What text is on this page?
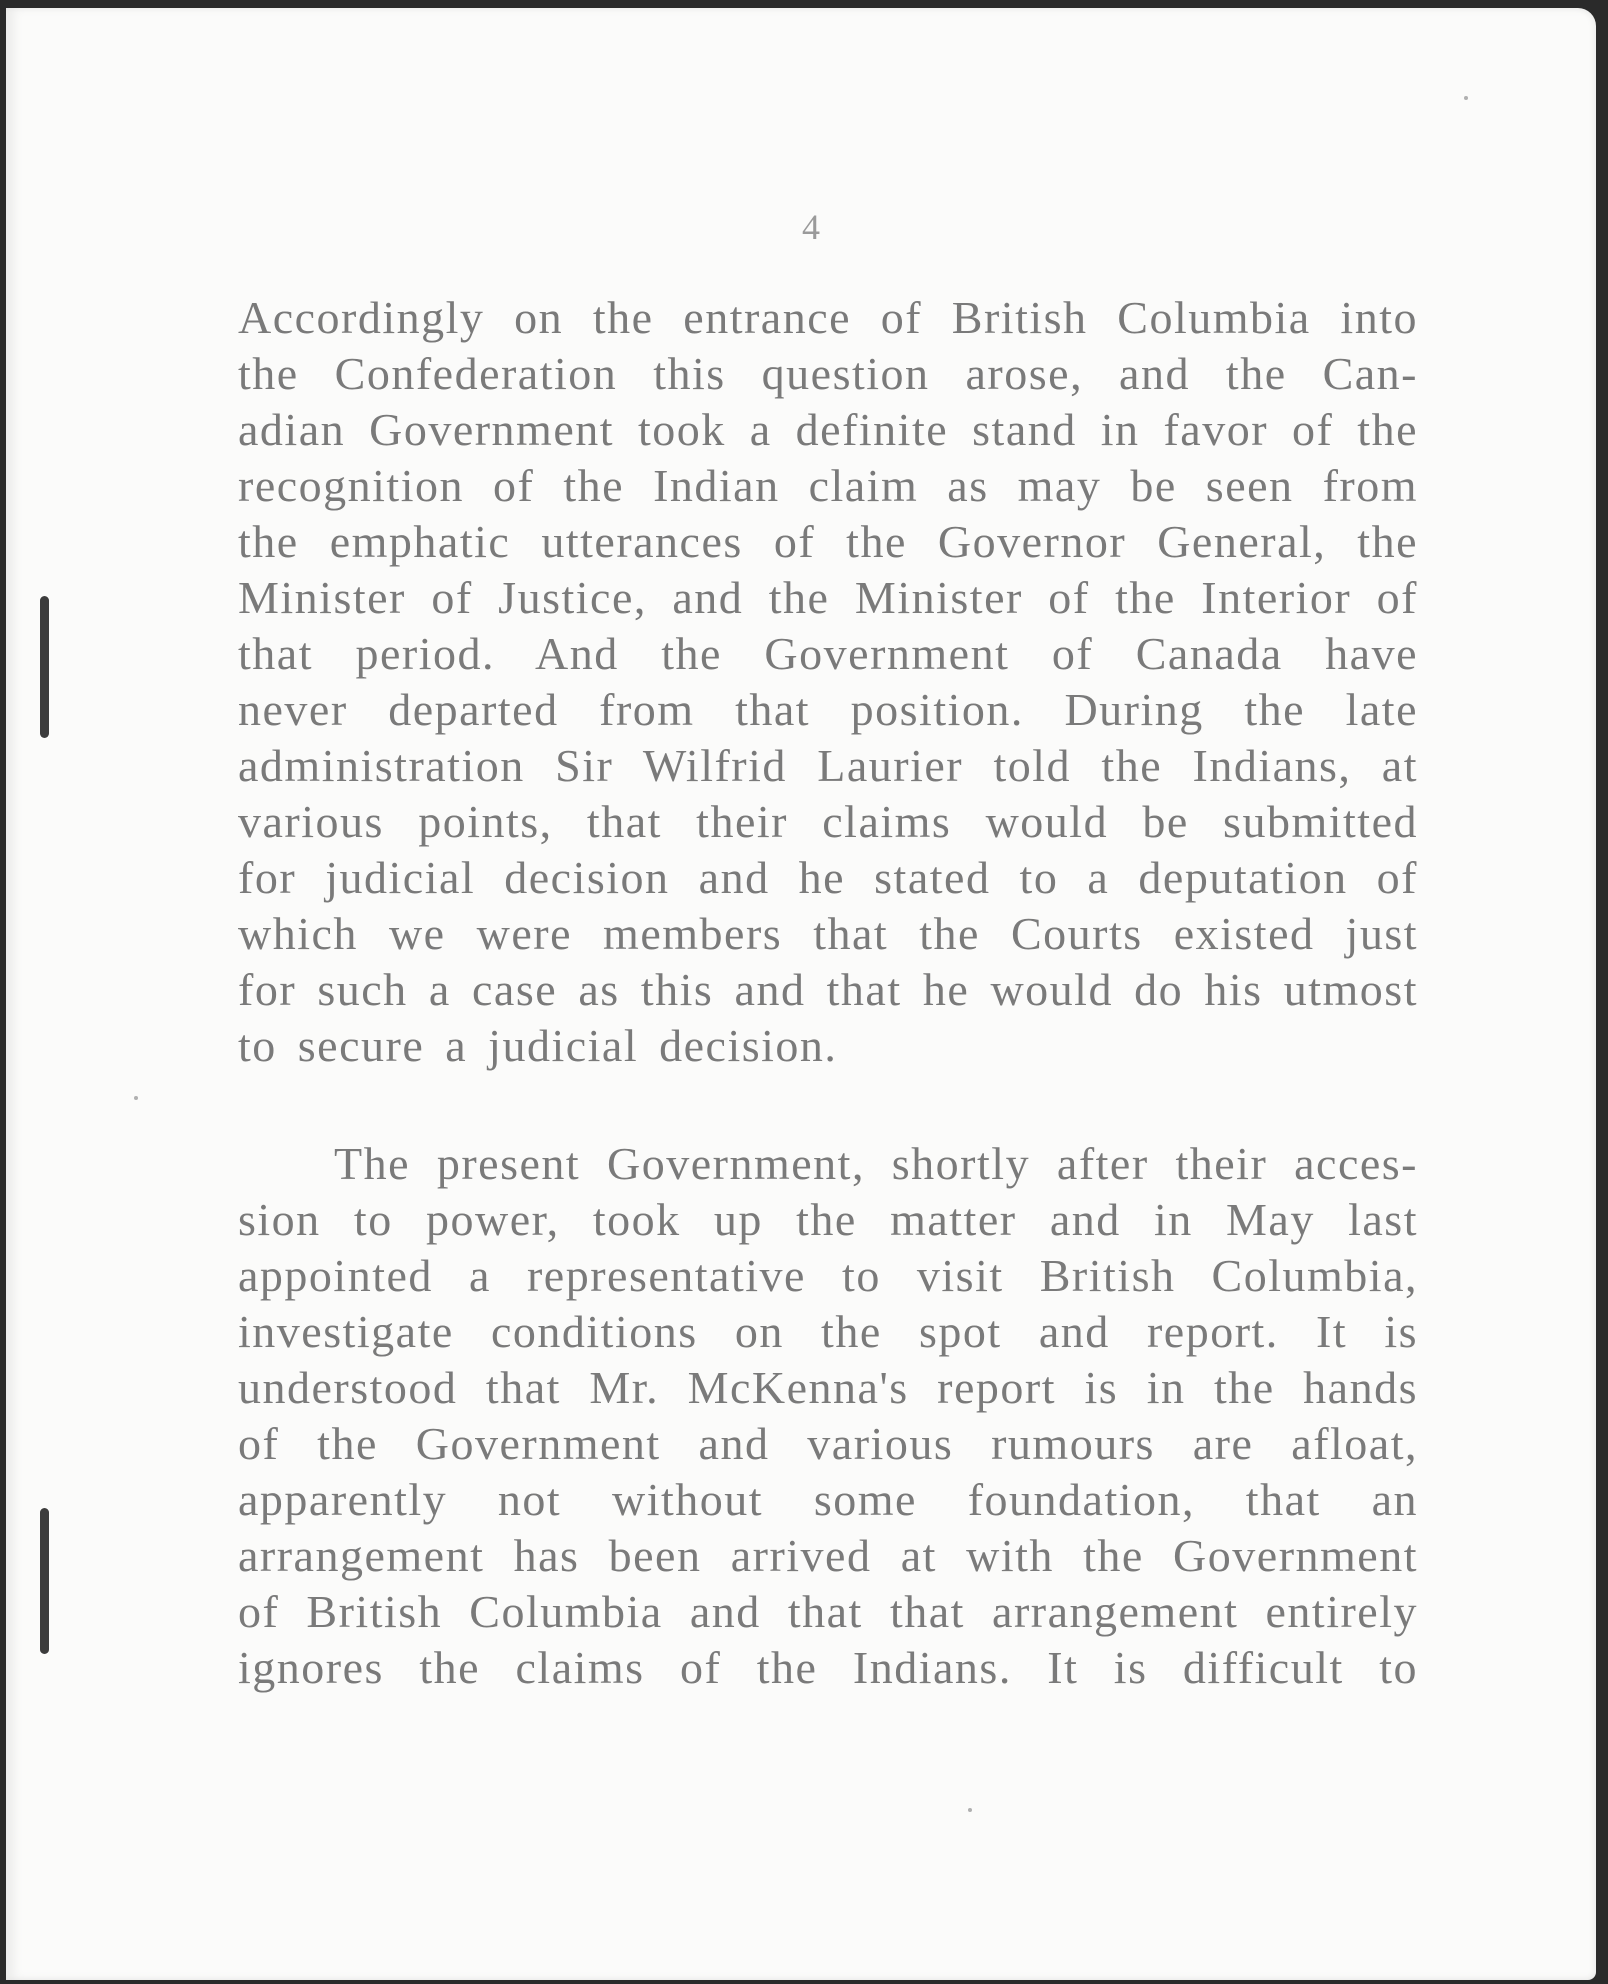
4

Accordingly on the entrance of British Columbia into
the Confederation this question arose, and the Can-
adian Government took a definite stand in favor of the
recognition of the Indian claim as may be seen from
the emphatic utterances of the Governor General, the
Minister of Justice, and the Minister of the Interior of
that period. And the Government of Canada have
never departed from that position. During the late
administration Sir Wilfrid Laurier told the Indians, at
various points, that their claims would be submitted
for judicial decision and he stated to a deputation of
which we were members that the Courts existed just
for such a case as this and that he would do his utmost
to secure a judicial decision.

The present Government, shortly after their acces-
sion to power, took up the matter and in May last
appointed a representative to visit British Columbia,
investigate conditions on the spot and report. It is
understood that Mr. McKenna's report is in the hands
of the Government and various rumours are afloat,
apparently not without some foundation, that an
arrangement has been arrived at with the Government
of British Columbia and that that arrangement entirely
ignores the claims of the Indians. It is difficult to
